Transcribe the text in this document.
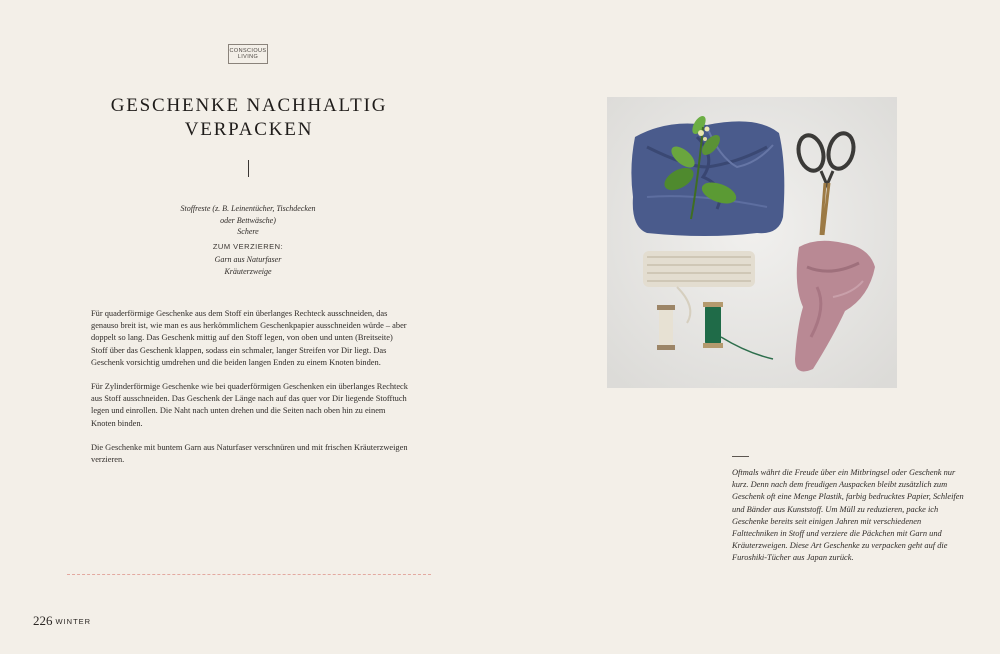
CONSCIOUS
LIVING
GESCHENKE NACHHALTIG
VERPACKEN
Stoffreste (z. B. Leinentücher, Tischdecken
oder Bettwäsche)
Schere
ZUM VERZIEREN:
Garn aus Naturfaser
Kräuterzweige

Für quaderförmige Geschenke aus dem Stoff ein überlanges Rechteck ausschneiden, das genauso breit ist, wie man es aus herkömmlichem Geschenkpapier ausschneiden würde – aber doppelt so lang. Das Geschenk mittig auf den Stoff legen, von oben und unten (Breitseite) Stoff über das Geschenk klappen, sodass ein schmaler, langer Streifen vor Dir liegt. Das Geschenk vorsichtig umdrehen und die beiden langen Enden zu einem Knoten binden.

Für Zylinderförmige Geschenke wie bei quaderförmigen Geschenken ein überlanges Rechteck aus Stoff ausschneiden. Das Geschenk der Länge nach auf das quer vor Dir liegende Stofftuch legen und einrollen. Die Naht nach unten drehen und die Seiten nach oben hin zu einem Knoten binden.

Die Geschenke mit buntem Garn aus Naturfaser verschnüren und mit frischen Kräuterzweigen verzieren.

226 WINTER

Oftmals währt die Freude über ein Mitbringsel oder Geschenk nur kurz. Denn nach dem freudigen Auspacken bleibt zusätzlich zum Geschenk oft eine Menge Plastik, farbig bedrucktes Papier, Schleifen und Bänder aus Kunststoff. Um Müll zu reduzieren, packe ich Geschenke bereits seit einigen Jahren mit verschiedenen Falttechniken in Stoff und verziere die Päckchen mit Garn und Kräuterzweigen. Diese Art Geschenke zu verpacken geht auf die Furoshiki-Tücher aus Japan zurück.
